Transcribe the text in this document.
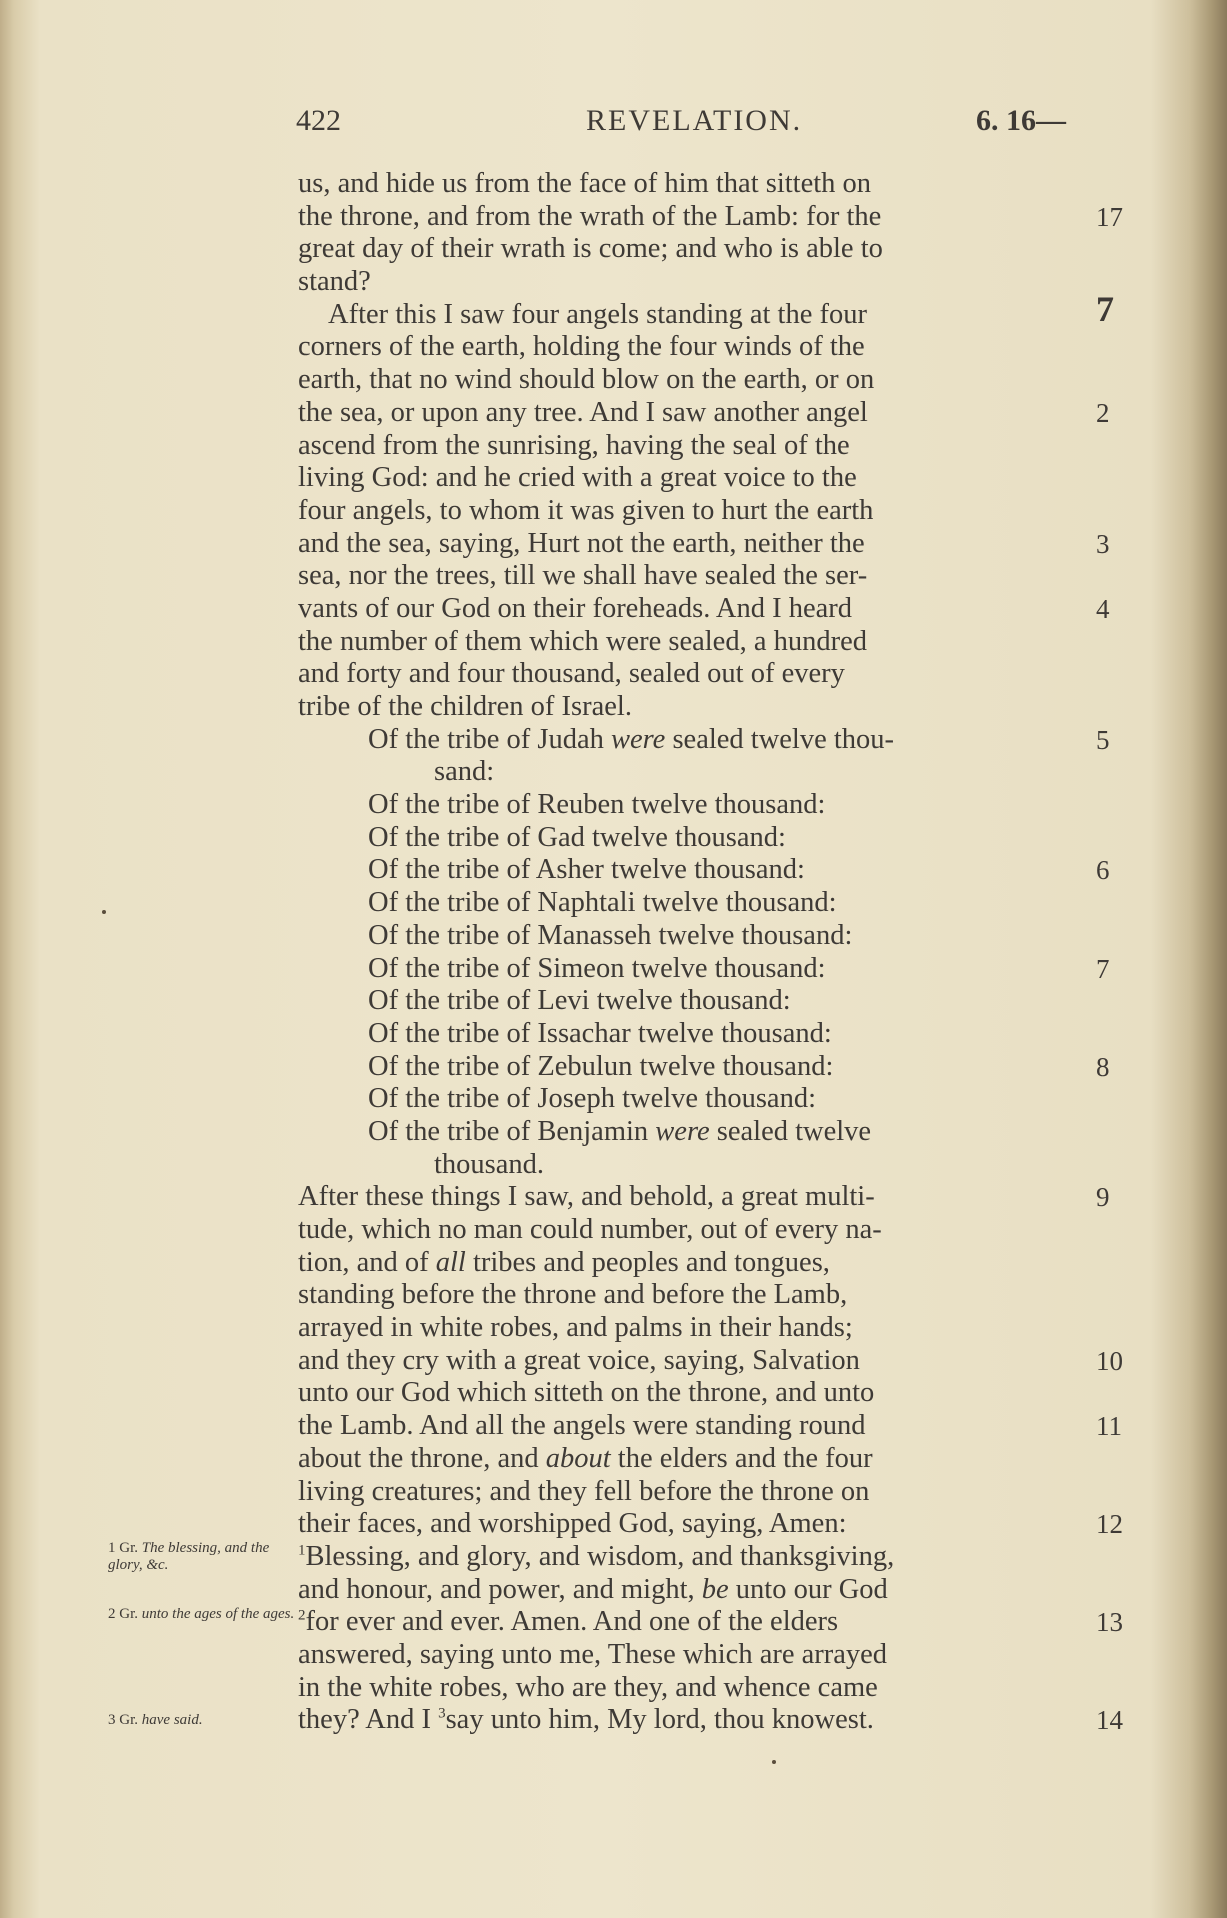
422	REVELATION.	6. 16—
us, and hide us from the face of him that sitteth on
the throne, and from the wrath of the Lamb: for the	17
great day of their wrath is come; and who is able to
stand?
After this I saw four angels standing at the four	7
corners of the earth, holding the four winds of the
earth, that no wind should blow on the earth, or on
the sea, or upon any tree. And I saw another angel	2
ascend from the sunrising, having the seal of the
living God: and he cried with a great voice to the
four angels, to whom it was given to hurt the earth
and the sea, saying, Hurt not the earth, neither the	3
sea, nor the trees, till we shall have sealed the ser-
vants of our God on their foreheads. And I heard	4
the number of them which were sealed, a hundred
and forty and four thousand, sealed out of every
tribe of the children of Israel.
Of the tribe of Judah were sealed twelve thou-	5
sand:
Of the tribe of Reuben twelve thousand:
Of the tribe of Gad twelve thousand:
Of the tribe of Asher twelve thousand:	6
Of the tribe of Naphtali twelve thousand:
Of the tribe of Manasseh twelve thousand:
Of the tribe of Simeon twelve thousand:	7
Of the tribe of Levi twelve thousand:
Of the tribe of Issachar twelve thousand:
Of the tribe of Zebulun twelve thousand:	8
Of the tribe of Joseph twelve thousand:
Of the tribe of Benjamin were sealed twelve
thousand.
After these things I saw, and behold, a great multi-	9
tude, which no man could number, out of every na-
tion, and of all tribes and peoples and tongues,
standing before the throne and before the Lamb,
arrayed in white robes, and palms in their hands;
and they cry with a great voice, saying, Salvation	10
unto our God which sitteth on the throne, and unto
the Lamb. And all the angels were standing round	11
about the throne, and about the elders and the four
living creatures; and they fell before the throne on
their faces, and worshipped God, saying, Amen:	12
$^1$Blessing, and glory, and wisdom, and thanksgiving,
and honour, and power, and might, be unto our God
$^2$for ever and ever. Amen. And one of the elders	13
answered, saying unto me, These which are arrayed
in the white robes, who are they, and whence came
they? And I $^3$say unto him, My lord, thou knowest.	14
1 Gr. The blessing, and the glory, &c.
2 Gr. unto the ages of the ages.
3 Gr. have said.
